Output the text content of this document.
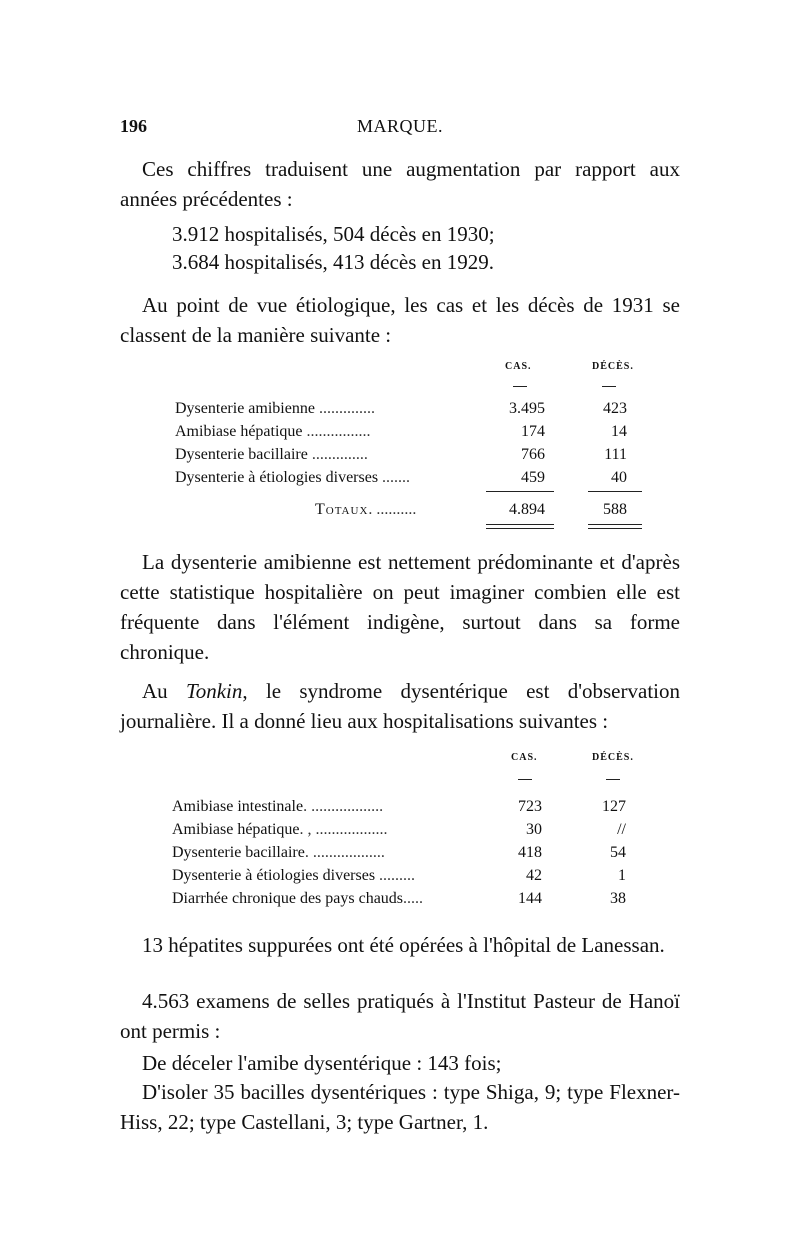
196	MARQUE.

Ces chiffres traduisent une augmentation par rapport aux années précédentes :

3.912 hospitalisés, 504 décès en 1930;
3.684 hospitalisés, 413 décès en 1929.

Au point de vue étiologique, les cas et les décès de 1931 se classent de la manière suivante :

CAS.	DÉCÈS.
Dysenterie amibienne ..............	3.495	423
Amibiase hépatique ................	174	14
Dysenterie bacillaire ..............	766	111
Dysenterie à étiologies diverses .......	459	40
Totaux. ..........	4.894	588

La dysenterie amibienne est nettement prédominante et d'après cette statistique hospitalière on peut imaginer combien elle est fréquente dans l'élément indigène, surtout dans sa forme chronique.

Au Tonkin, le syndrome dysentérique est d'observation journalière. Il a donné lieu aux hospitalisations suivantes :

CAS.	DÉCÈS.
Amibiase intestinale. ..................	723	127
Amibiase hépatique. , ..................	30	//
Dysenterie bacillaire. ..................	418	54
Dysenterie à étiologies diverses .........	42	1
Diarrhée chronique des pays chauds.....	144	38

13 hépatites suppurées ont été opérées à l'hôpital de Lanessan.

4.563 examens de selles pratiqués à l'Institut Pasteur de Hanoï ont permis :

De déceler l'amibe dysentérique : 143 fois;

D'isoler 35 bacilles dysentériques : type Shiga, 9; type Flexner-Hiss, 22; type Castellani, 3; type Gartner, 1.
